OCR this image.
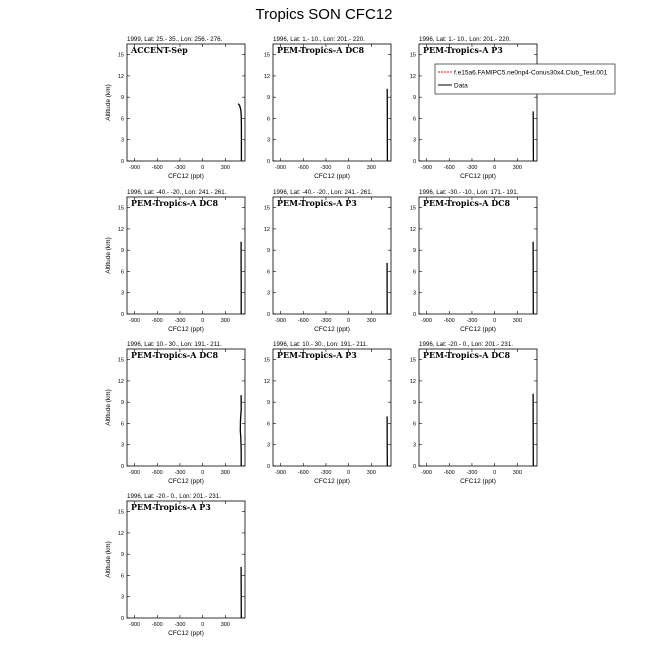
Tropics SON CFC12
-900 -600 -300	0	300
0
3
6
9
12
15
1999, Lat: 25.- 35., Lon: 256.- 276.
ACCENT-Sep
CFC12 (ppt)
Altitude (km)
-900 -600 -300	0	300
0
3
6
9
12
15
1996, Lat: 1.- 10., Lon: 201.- 220.
PEM-Tropics-A DC8
CFC12 (ppt)
-900 -600 -300	0	300
0
3
6
9
12
15
1996, Lat: 1.- 10., Lon: 201.- 220.
PEM-Tropics-A P3
CFC12 (ppt)
-900 -600 -300	0	300
0
3
6
9
12
15
1996, Lat: -40.- -20., Lon: 241.- 261.
PEM-Tropics-A DC8
CFC12 (ppt)
Altitude (km)
-900 -600 -300	0	300
0
3
6
9
12
15
1996, Lat: -40.- -20., Lon: 241.- 261.
PEM-Tropics-A P3
CFC12 (ppt)
-900 -600 -300	0	300
0
3
6
9
12
15
1996, Lat: -30.- -10., Lon: 171.- 191.
PEM-Tropics-A DC8
CFC12 (ppt)
-900 -600 -300	0	300
0
3
6
9
12
15
1996, Lat: 10.- 30., Lon: 191.- 211.
PEM-Tropics-A DC8
CFC12 (ppt)
Altitude (km)
-900 -600 -300	0	300
0
3
6
9
12
15
1996, Lat: 10.- 30., Lon: 191.- 211.
PEM-Tropics-A P3
CFC12 (ppt)
-900 -600 -300	0	300
0
3
6
9
12
15
1996, Lat: -20.- 0., Lon: 201.- 231.
PEM-Tropics-A DC8
CFC12 (ppt)
-900 -600 -300	0	300
0
3
6
9
12
15
1996, Lat: -20.- 0., Lon: 201.- 231.
PEM-Tropics-A P3
CFC12 (ppt)
Altitude (km)
f.e15a6.FAMIPC5.ne0np4-Conus30x4.Club_Test.001
Data
